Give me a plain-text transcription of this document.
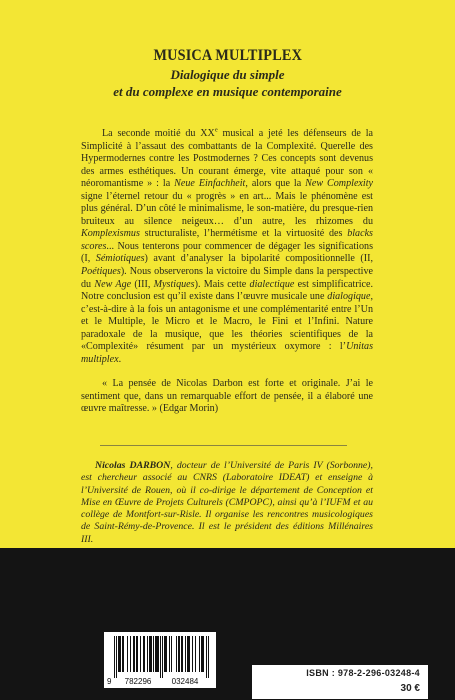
MUSICA MULTIPLEX
Dialogique du simple
et du complexe en musique contemporaine

La seconde moitié du XXe musical a jeté les défenseurs de la Simplicité à l’assaut des combattants de la Complexité. Querelle des Hypermodernes contre les Postmodernes ? Ces concepts sont devenus des armes esthétiques. Un courant émerge, vite attaqué pour son « néoromantisme » : la Neue Einfachheit, alors que la New Complexity signe l’éternel retour du « progrès » en art... Mais le phénomène est plus général. D’un côté le minimalisme, le son-matière, du presque-rien bruiteux au silence neigeux… d’un autre, les rhizomes du Komplexismus structuraliste, l’hermétisme et la virtuosité des blacks scores... Nous tenterons pour commencer de dégager les significations (I, Sémiotiques) avant d’analyser la bipolarité compositionnelle (II, Poétiques). Nous observerons la victoire du Simple dans la perspective du New Age (III, Mystiques). Mais cette dialectique est simplificatrice. Notre conclusion est qu’il existe dans l’œuvre musicale une dialogique, c’est-à-dire à la fois un antagonisme et une complémentarité entre l’Un et le Multiple, le Micro et le Macro, le Fini et l’Infini. Nature paradoxale de la musique, que les théories scientifiques de la «Complexité» résument par un mystérieux oxymore : l’Unitas multiplex.

« La pensée de Nicolas Darbon est forte et originale. J’ai le sentiment que, dans un remarquable effort de pensée, il a élaboré une œuvre maîtresse. » (Edgar Morin)

Nicolas DARBON, docteur de l’Université de Paris IV (Sorbonne), est chercheur associé au CNRS (Laboratoire IDEAT) et enseigne à l’Université de Rouen, où il co-dirige le département de Conception et Mise en Œuvre de Projets Culturels (CMPOPC), ainsi qu’à l’IUFM et au collège de Montfort-sur-Risle. Il organise les rencontres musicologiques de Saint-Rémy-de-Provence. Il est le président des éditions Millénaires III.

9 782296	032484
ISBN : 978-2-296-03248-4
30 €
